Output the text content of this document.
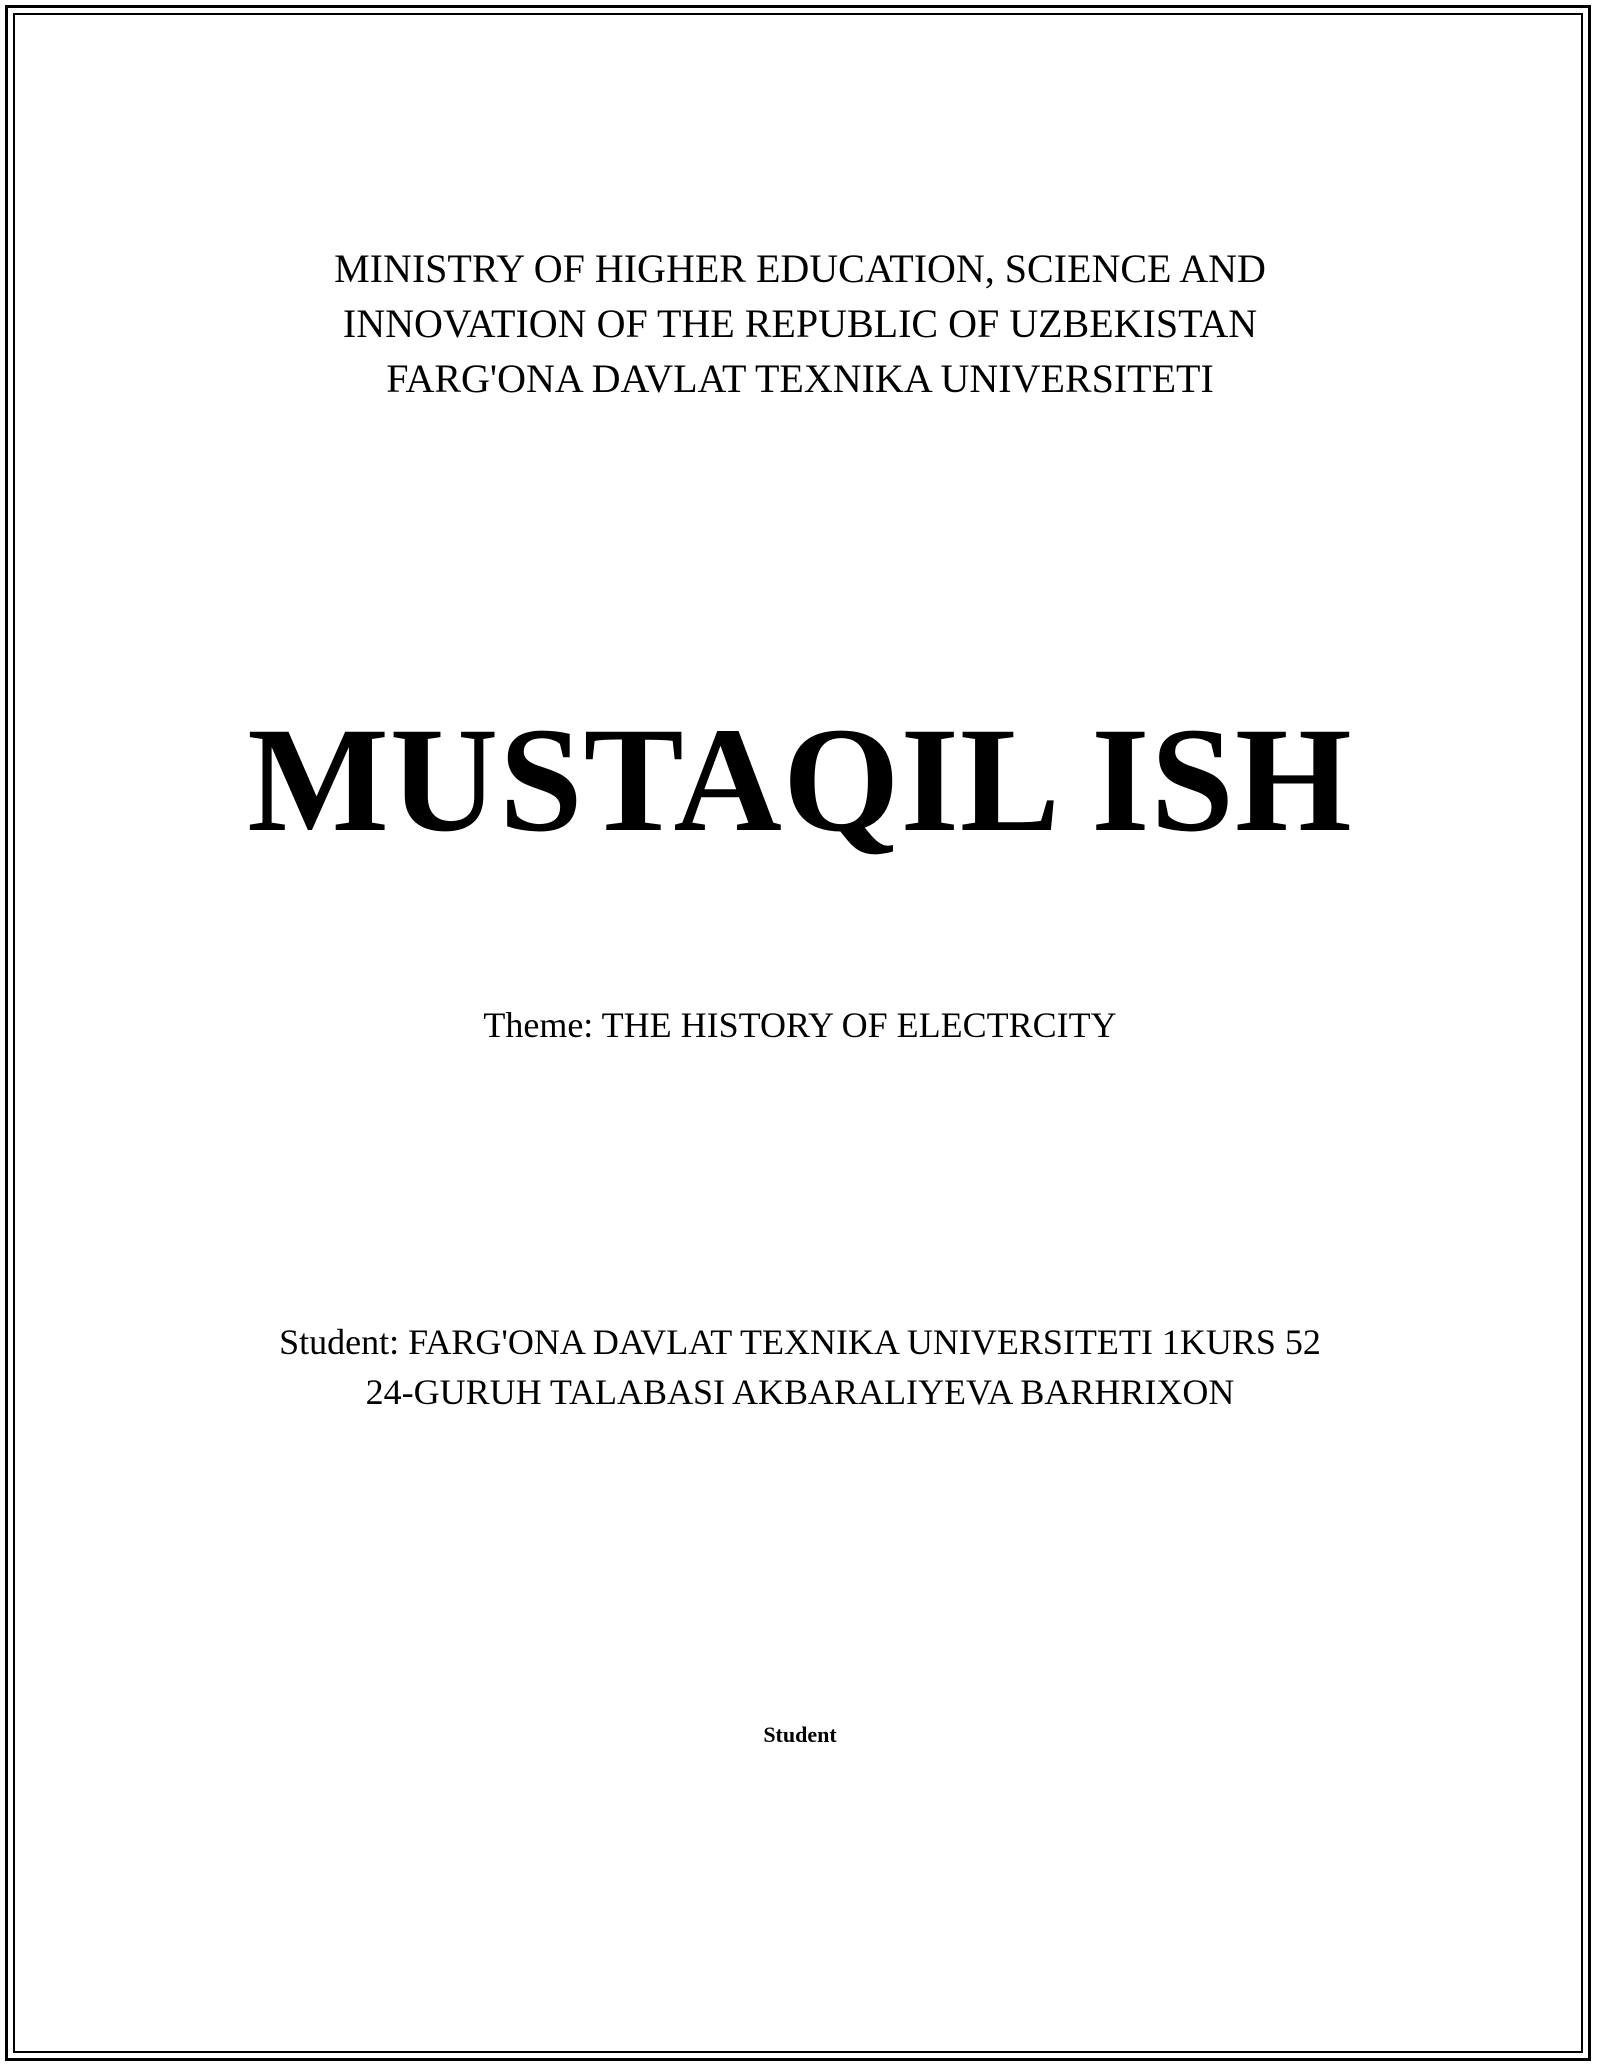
MINISTRY OF HIGHER EDUCATION, SCIENCE AND
INNOVATION OF THE REPUBLIC OF UZBEKISTAN
FARG'ONA DAVLAT TEXNIKA UNIVERSITETI
MUSTAQIL ISH
Theme: THE HISTORY OF ELECTRCITY
Student: FARG'ONA DAVLAT TEXNIKA UNIVERSITETI 1KURS 52
24-GURUH TALABASI AKBARALIYEVA BARHRIXON
Student
